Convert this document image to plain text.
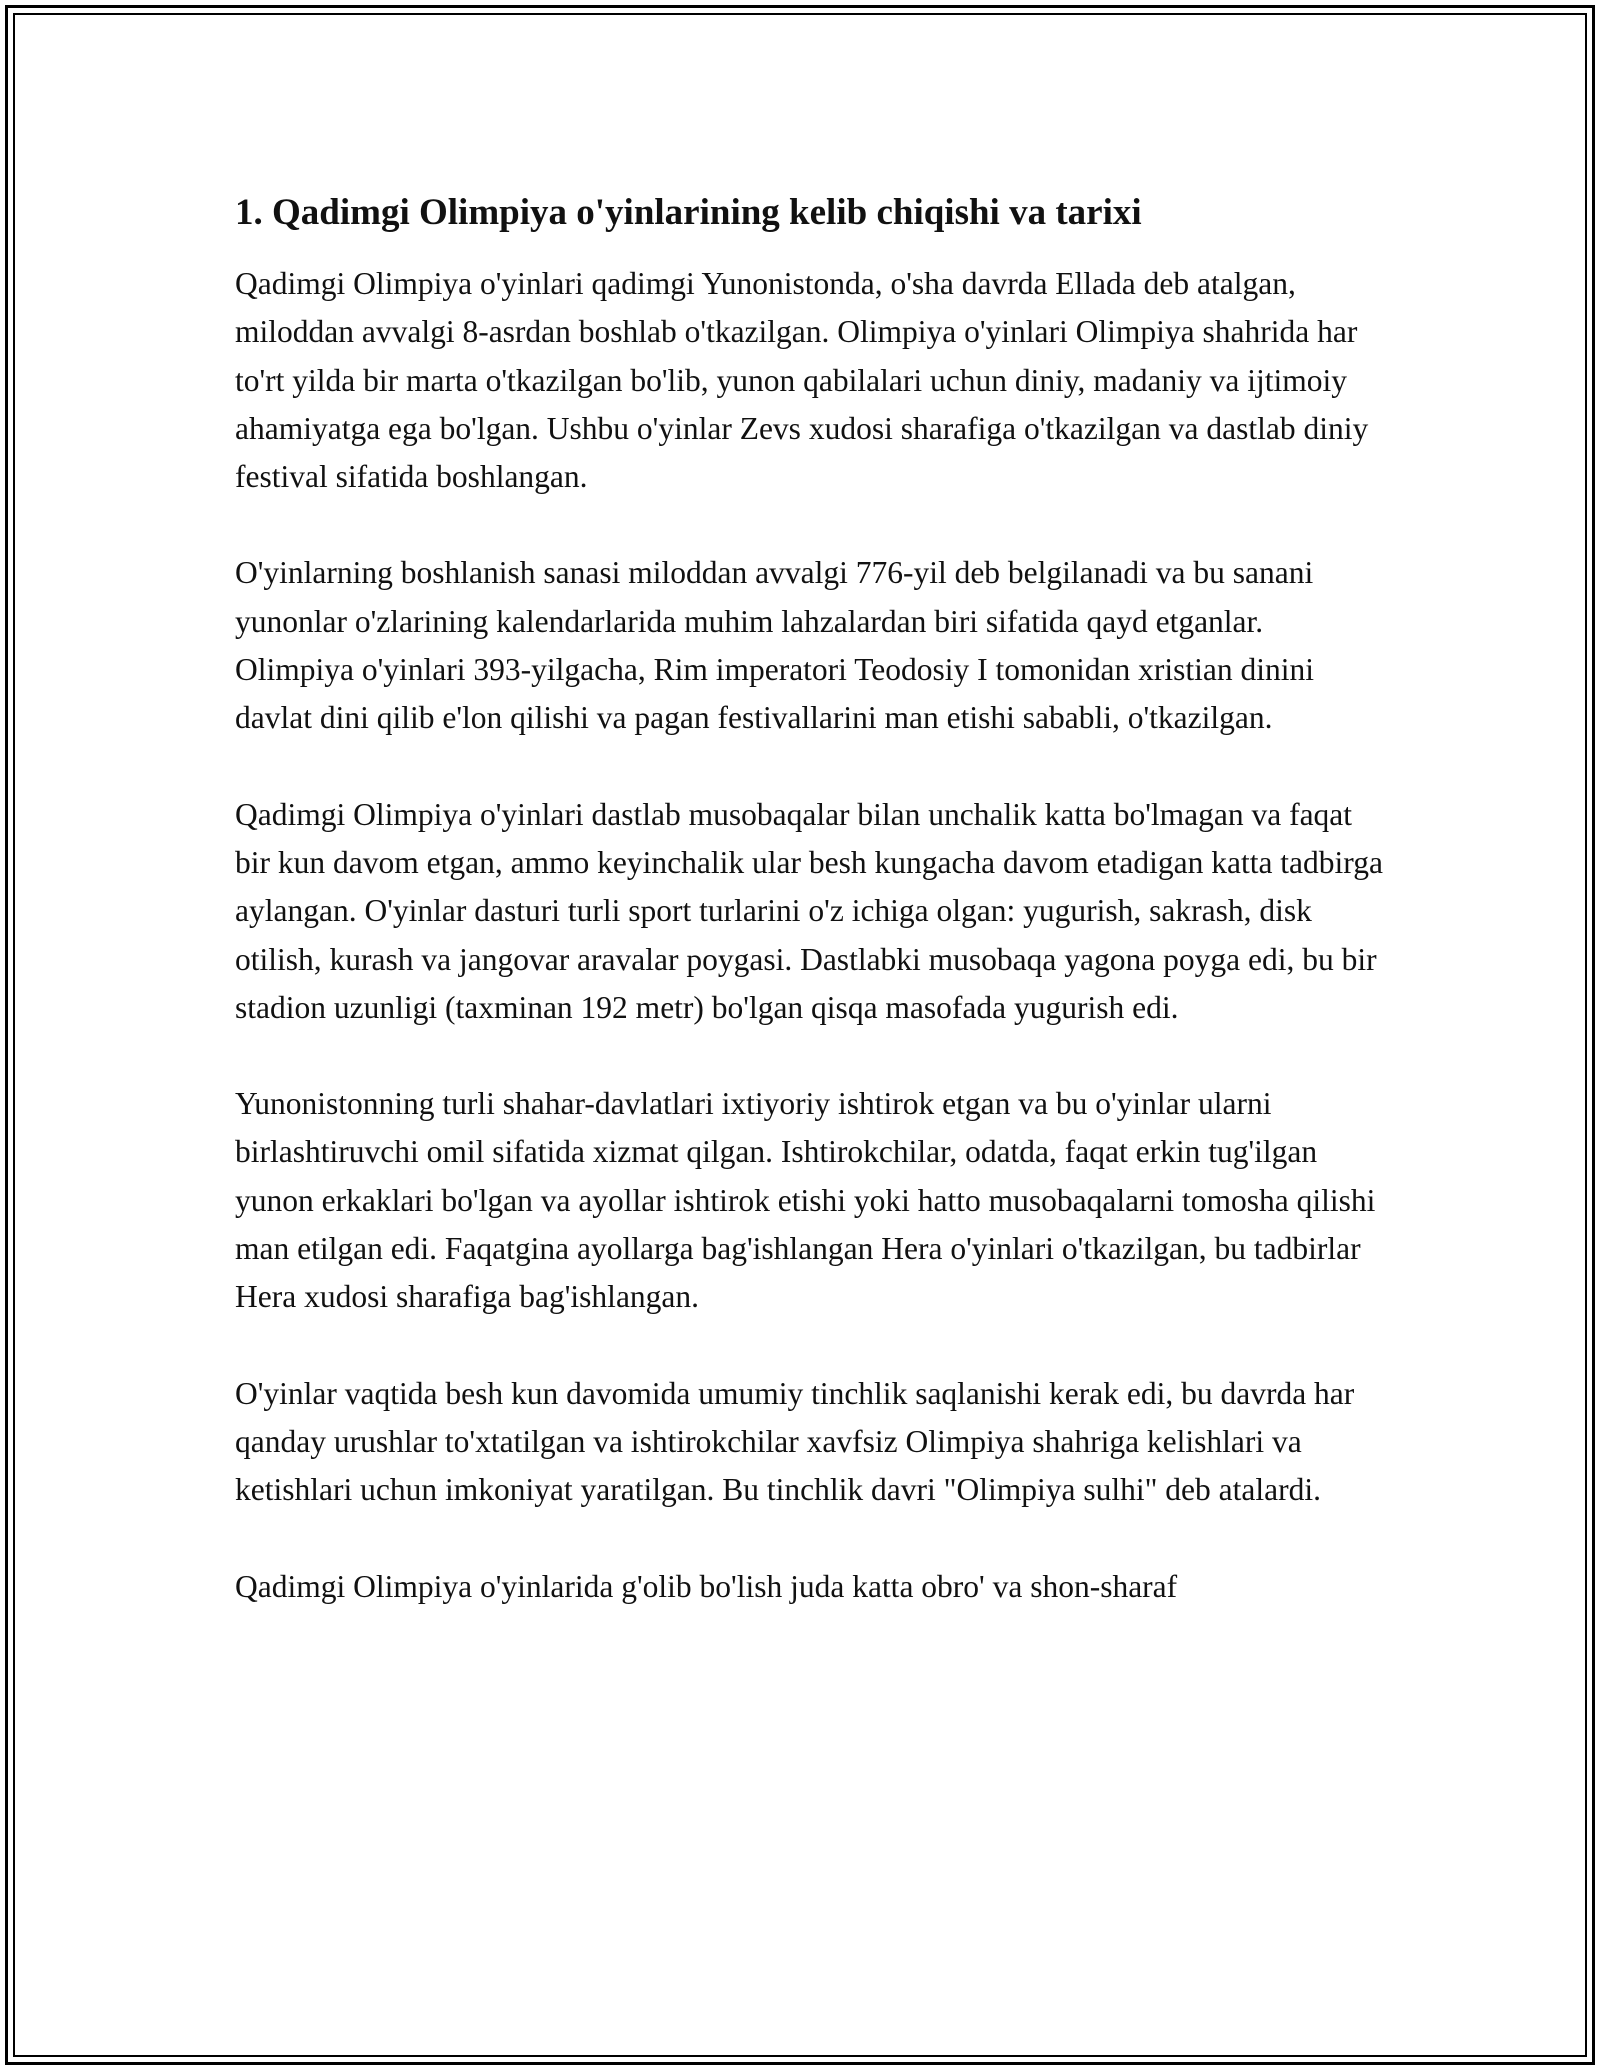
1. Qadimgi Olimpiya o'yinlarining kelib chiqishi va tarixi

Qadimgi Olimpiya o'yinlari qadimgi Yunonistonda, o'sha davrda Ellada deb atalgan, miloddan avvalgi 8-asrdan boshlab o'tkazilgan. Olimpiya o'yinlari Olimpiya shahrida har to'rt yilda bir marta o'tkazilgan bo'lib, yunon qabilalari uchun diniy, madaniy va ijtimoiy ahamiyatga ega bo'lgan. Ushbu o'yinlar Zevs xudosi sharafiga o'tkazilgan va dastlab diniy festival sifatida boshlangan.

O'yinlarning boshlanish sanasi miloddan avvalgi 776-yil deb belgilanadi va bu sanani yunonlar o'zlarining kalendarlarida muhim lahzalardan biri sifatida qayd etganlar. Olimpiya o'yinlari 393-yilgacha, Rim imperatori Teodosiy I tomonidan xristian dinini davlat dini qilib e'lon qilishi va pagan festivallarini man etishi sababli, o'tkazilgan.

Qadimgi Olimpiya o'yinlari dastlab musobaqalar bilan unchalik katta bo'lmagan va faqat bir kun davom etgan, ammo keyinchalik ular besh kungacha davom etadigan katta tadbirga aylangan. O'yinlar dasturi turli sport turlarini o'z ichiga olgan: yugurish, sakrash, disk otilish, kurash va jangovar aravalar poygasi. Dastlabki musobaqa yagona poyga edi, bu bir stadion uzunligi (taxminan 192 metr) bo'lgan qisqa masofada yugurish edi.

Yunonistonning turli shahar-davlatlari ixtiyoriy ishtirok etgan va bu o'yinlar ularni birlashtiruvchi omil sifatida xizmat qilgan. Ishtirokchilar, odatda, faqat erkin tug'ilgan yunon erkaklari bo'lgan va ayollar ishtirok etishi yoki hatto musobaqalarni tomosha qilishi man etilgan edi. Faqatgina ayollarga bag'ishlangan Hera o'yinlari o'tkazilgan, bu tadbirlar Hera xudosi sharafiga bag'ishlangan.

O'yinlar vaqtida besh kun davomida umumiy tinchlik saqlanishi kerak edi, bu davrda har qanday urushlar to'xtatilgan va ishtirokchilar xavfsiz Olimpiya shahriga kelishlari va ketishlari uchun imkoniyat yaratilgan. Bu tinchlik davri "Olimpiya sulhi" deb atalardi.

Qadimgi Olimpiya o'yinlarida g'olib bo'lish juda katta obro' va shon-sharaf
